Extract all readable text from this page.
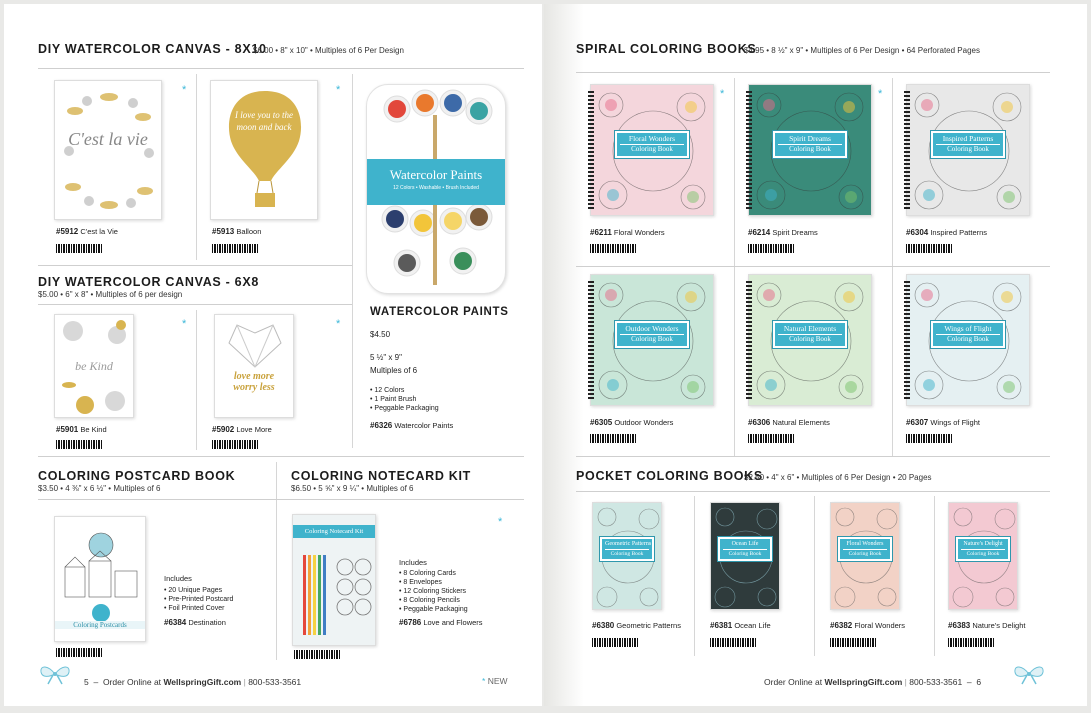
DIY WATERCOLOR CANVAS - 8X10
$6.00 • 8" x 10" • Multiples of 6 Per Design
C'est la vie
*
#5912 C'est la Vie
I love you to the moon and back
*
#5913 Balloon
DIY WATERCOLOR CANVAS - 6X8
$5.00 • 6" x 8" • Multiples of 6 per design
be Kind
*
#5901 Be Kind
love more worry less
*
#5902 Love More
Watercolor Paints
12 Colors • Washable • Brush Included
WATERCOLOR PAINTS
$4.50
5 ½" x 9"
Multiples of 6
• 12 Colors
• 1 Paint Brush
• Peggable Packaging
#6326 Watercolor Paints
COLORING POSTCARD BOOK
$3.50 • 4 ⅜" x 6 ½" • Multiples of 6
Coloring Postcards
Includes
• 20 Unique Pages
• Pre-Printed Postcard
• Foil Printed Cover
#6384 Destination
COLORING NOTECARD KIT
$6.50 • 5 ⅝" x 9 ¼" • Multiples of 6
*
Coloring Notecard Kit
Includes
• 8 Coloring Cards
• 8 Envelopes
• 12 Coloring Stickers
• 8 Coloring Pencils
• Peggable Packaging
#6786 Love and Flowers
5 – Order Online at WellspringGift.com | 800-533-3561	* NEW
SPIRAL COLORING BOOKS
$4.95 • 8 ½" x 9" • Multiples of 6 Per Design • 64 Perforated Pages
Floral Wonders
Coloring Book
#6211 Floral Wonders
Spirit Dreams
Coloring Book
#6214 Spirit Dreams
Inspired Patterns
Coloring Book
#6304 Inspired Patterns
Outdoor Wonders
Coloring Book
#6305 Outdoor Wonders
Natural Elements
Coloring Book
#6306 Natural Elements
Wings of Flight
Coloring Book
#6307 Wings of Flight
*	*
POCKET COLORING BOOKS
$2.50 • 4" x 6" • Multiples of 6 Per Design • 20 Pages
Geometric Patterns
Coloring Book
#6380 Geometric Patterns
Ocean Life
Coloring Book
#6381 Ocean Life
Floral Wonders
Coloring Book
#6382 Floral Wonders
Nature's Delight
Coloring Book
#6383 Nature's Delight
Order Online at WellspringGift.com | 800-533-3561 – 6
